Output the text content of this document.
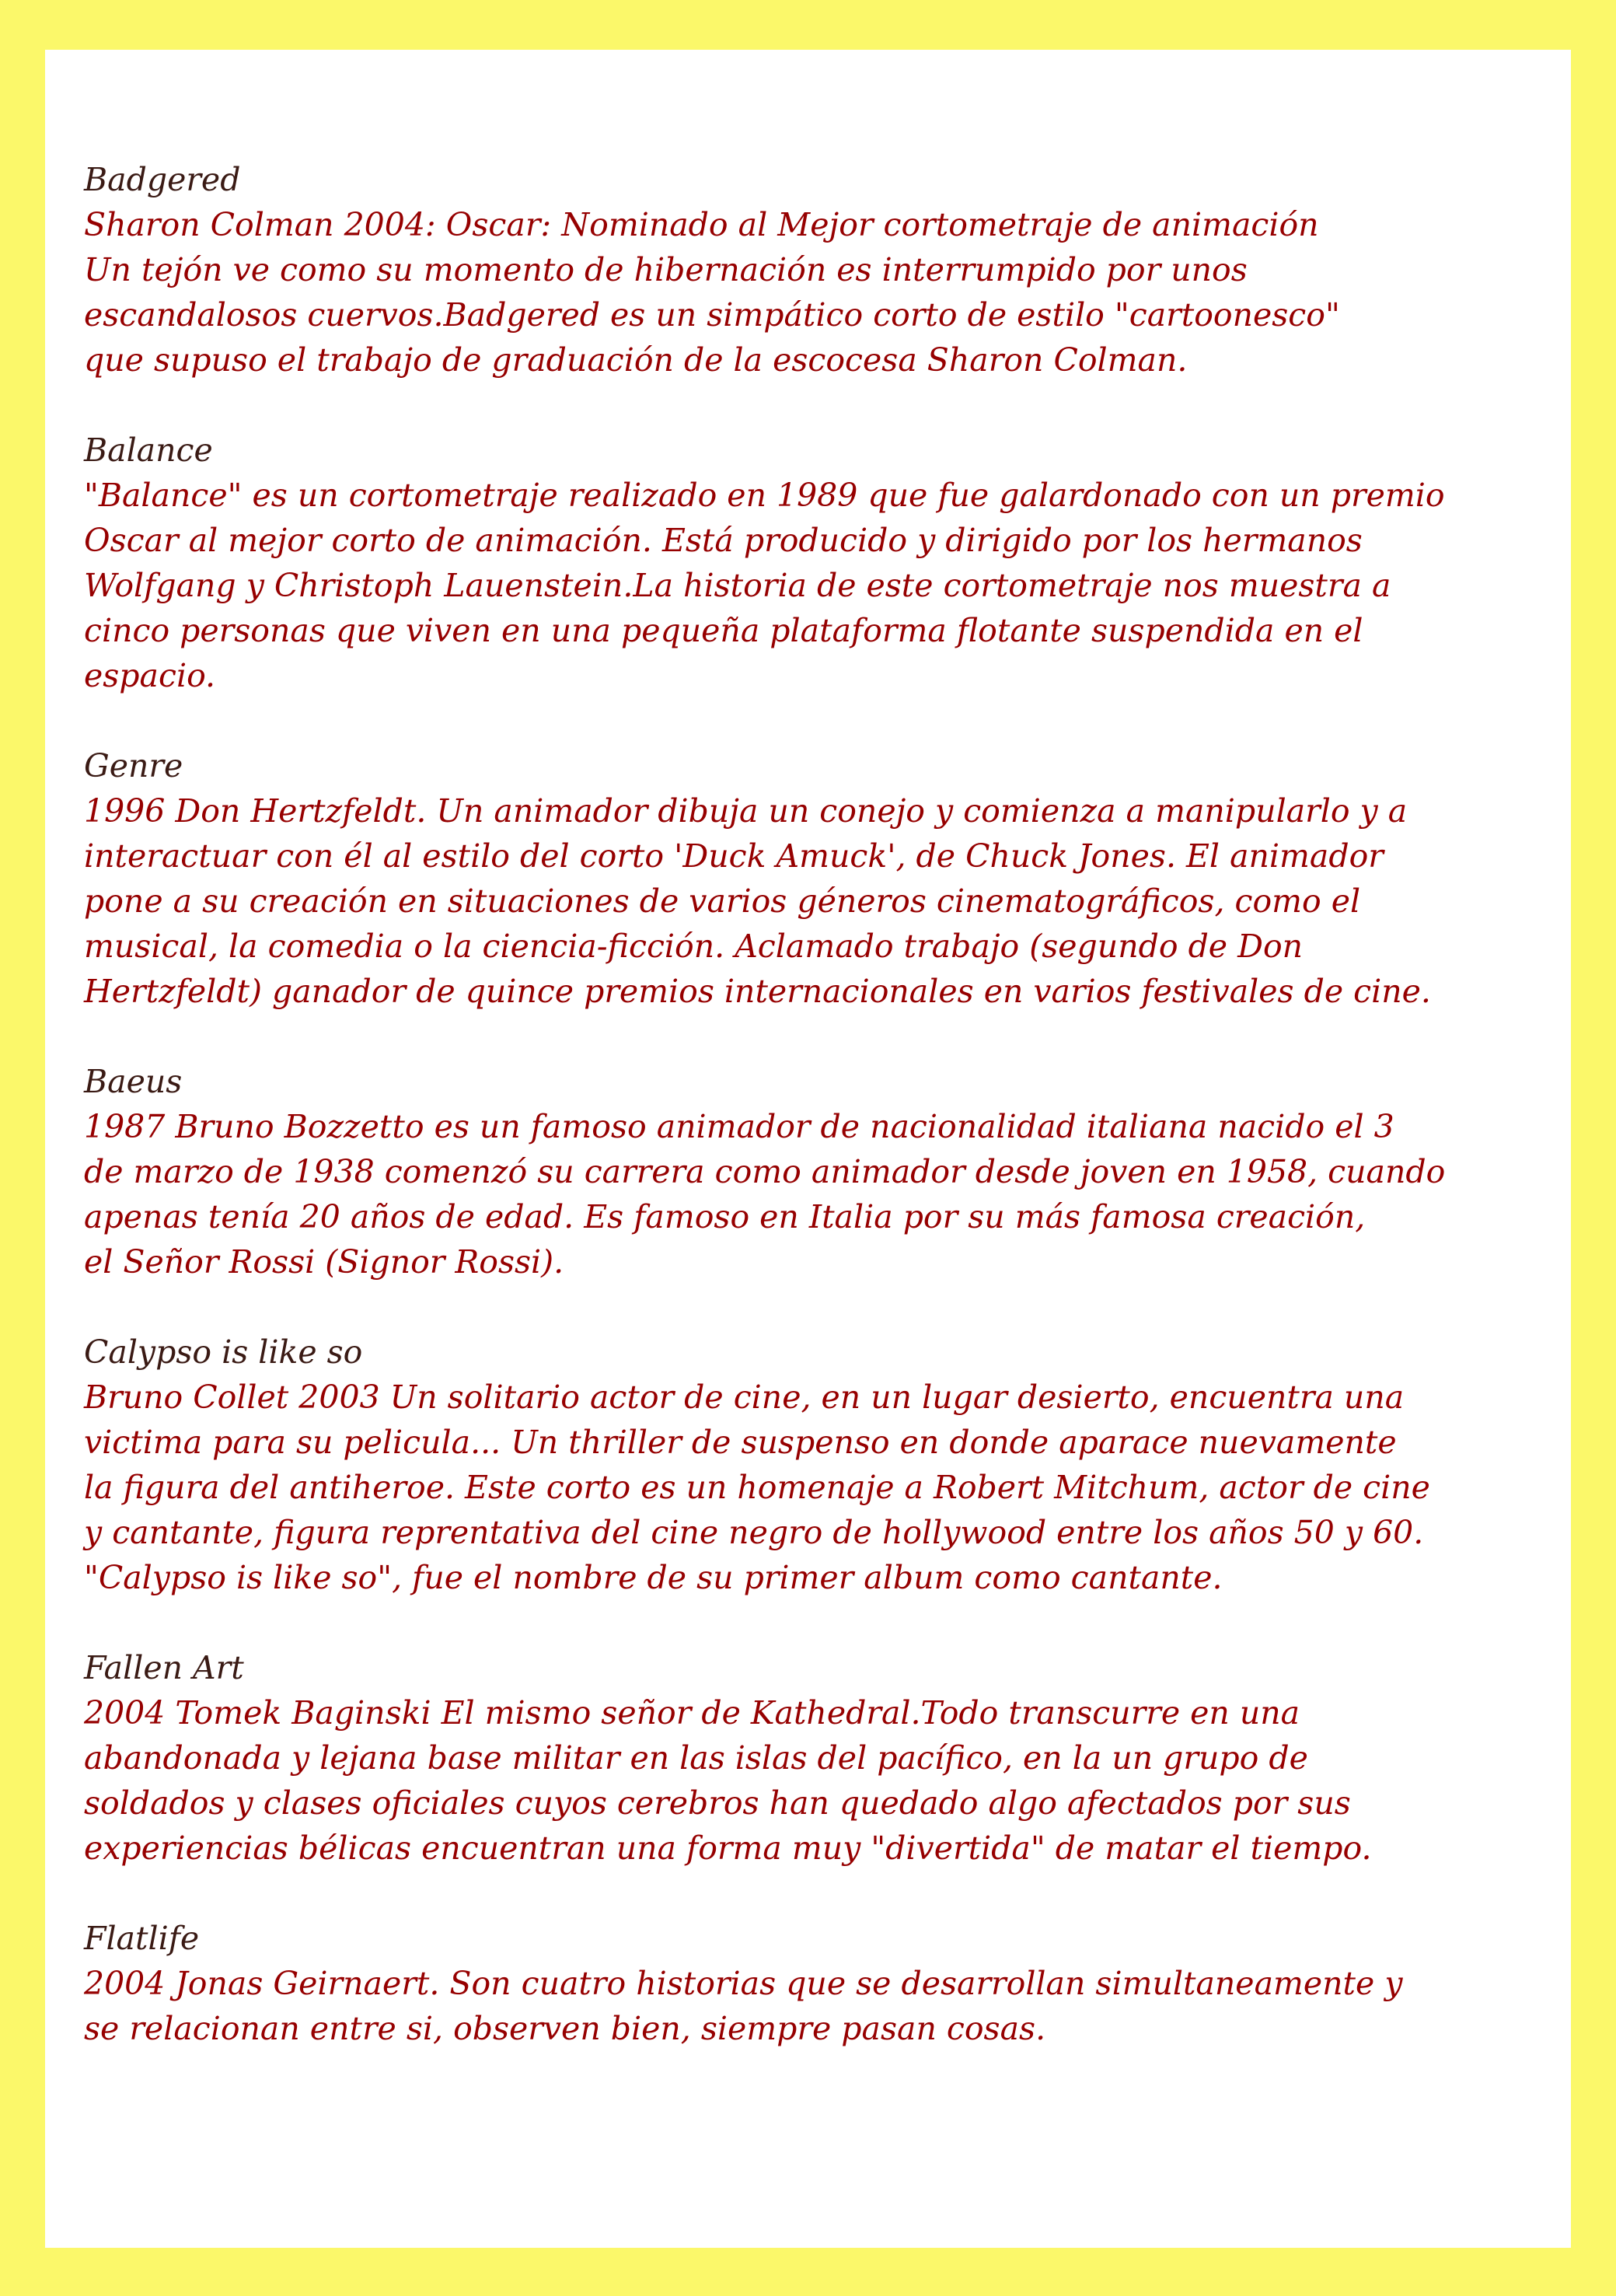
Badgered
Sharon Colman 2004: Oscar: Nominado al Mejor cortometraje de animación
Un tejón ve como su momento de hibernación es interrumpido por unos
escandalosos cuervos.Badgered es un simpático corto de estilo "cartoonesco"
que supuso el trabajo de graduación de la escocesa Sharon Colman.
Balance
"Balance" es un cortometraje realizado en 1989 que fue galardonado con un premio
Oscar al mejor corto de animación. Está producido y dirigido por los hermanos
Wolfgang y Christoph Lauenstein.La historia de este cortometraje nos muestra a
cinco personas que viven en una pequeña plataforma flotante suspendida en el
espacio.
Genre
1996 Don Hertzfeldt. Un animador dibuja un conejo y comienza a manipularlo y a
interactuar con él al estilo del corto 'Duck Amuck', de Chuck Jones. El animador
pone a su creación en situaciones de varios géneros cinematográficos, como el
musical, la comedia o la ciencia-ficción. Aclamado trabajo (segundo de Don
Hertzfeldt) ganador de quince premios internacionales en varios festivales de cine.
Baeus
1987 Bruno Bozzetto es un famoso animador de nacionalidad italiana nacido el 3
de marzo de 1938 comenzó su carrera como animador desde joven en 1958, cuando
apenas tenía 20 años de edad. Es famoso en Italia por su más famosa creación,
el Señor Rossi (Signor Rossi).
Calypso is like so
Bruno Collet 2003 Un solitario actor de cine, en un lugar desierto, encuentra una
victima para su pelicula... Un thriller de suspenso en donde aparace nuevamente
la figura del antiheroe. Este corto es un homenaje a Robert Mitchum, actor de cine
y cantante, figura reprentativa del cine negro de hollywood entre los años 50 y 60.
"Calypso is like so", fue el nombre de su primer album como cantante.
Fallen Art
2004 Tomek Baginski El mismo señor de Kathedral.Todo transcurre en una
abandonada y lejana base militar en las islas del pacífico, en la un grupo de
soldados y clases oficiales cuyos cerebros han quedado algo afectados por sus
experiencias bélicas encuentran una forma muy "divertida" de matar el tiempo.
Flatlife
2004 Jonas Geirnaert. Son cuatro historias que se desarrollan simultaneamente y
se relacionan entre si, observen bien, siempre pasan cosas.
